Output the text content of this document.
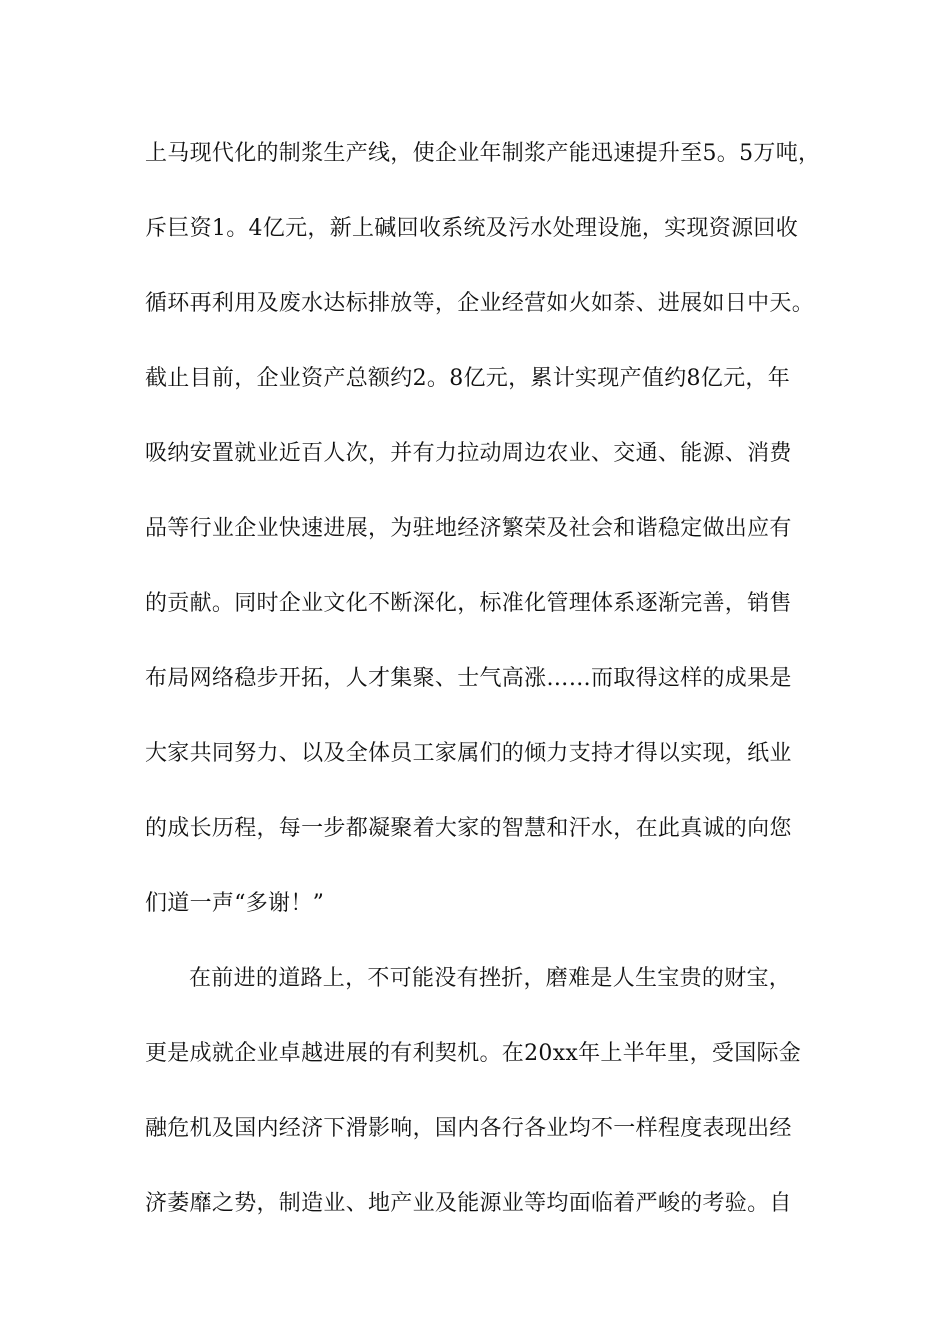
上马现代化的制浆生产线，使企业年制浆产能迅速提升至5。5万吨，
斥巨资1。4亿元，新上碱回收系统及污水处理设施，实现资源回收
循环再利用及废水达标排放等，企业经营如火如荼、进展如日中天。
截止目前，企业资产总额约2。8亿元，累计实现产值约8亿元，年
吸纳安置就业近百人次，并有力拉动周边农业、交通、能源、消费
品等行业企业快速进展，为驻地经济繁荣及社会和谐稳定做出应有
的贡献。同时企业文化不断深化，标准化管理体系逐渐完善，销售
布局网络稳步开拓，人才集聚、士气高涨……而取得这样的成果是
大家共同努力、以及全体员工家属们的倾力支持才得以实现，纸业
的成长历程，每一步都凝聚着大家的智慧和汗水，在此真诚的向您
们道一声“多谢！”
在前进的道路上，不可能没有挫折，磨难是人生宝贵的财宝，
更是成就企业卓越进展的有利契机。在20xx年上半年里，受国际金
融危机及国内经济下滑影响，国内各行各业均不一样程度表现出经
济萎靡之势，制造业、地产业及能源业等均面临着严峻的考验。自
